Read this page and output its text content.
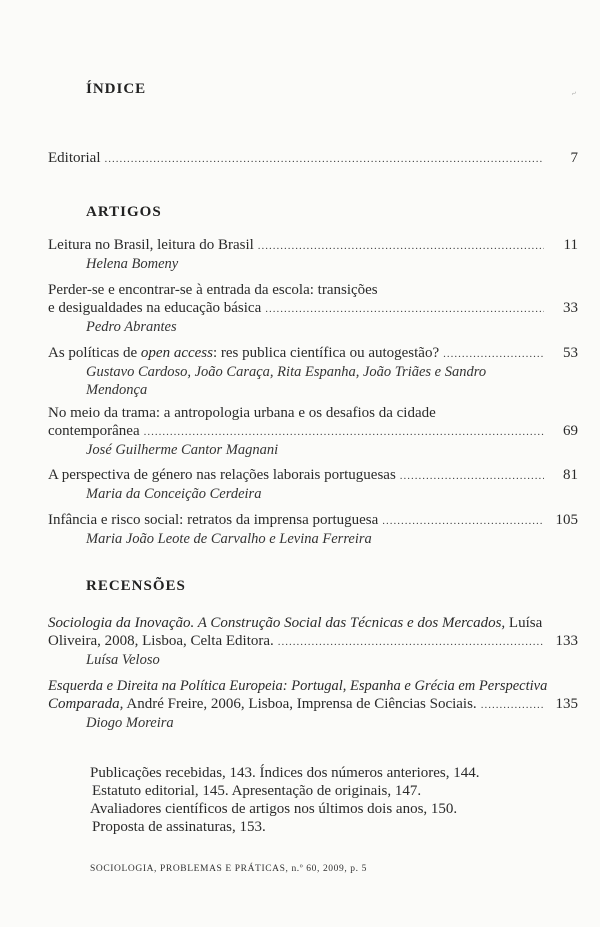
~
ÍNDICE
Editorial .....	7
ARTIGOS
Leitura no Brasil, leitura do Brasil .....	11
Helena Bomeny
Perder-se e encontrar-se à entrada da escola: transições
e desigualdades na educação básica .....	33
Pedro Abrantes
As políticas de open access: res publica científica ou autogestão? .....	53
Gustavo Cardoso, João Caraça, Rita Espanha, João Triães e Sandro
Mendonça
No meio da trama: a antropologia urbana e os desafios da cidade
contemporânea .....	69
José Guilherme Cantor Magnani
A perspectiva de género nas relações laborais portuguesas .....	81
Maria da Conceição Cerdeira
Infância e risco social: retratos da imprensa portuguesa .....	105
Maria João Leote de Carvalho e Levina Ferreira
RECENSÕES
Sociologia da Inovação. A Construção Social das Técnicas e dos Mercados, Luísa
Oliveira, 2008, Lisboa, Celta Editora. .....	133
Luísa Veloso
Esquerda e Direita na Política Europeia: Portugal, Espanha e Grécia em Perspectiva
Comparada, André Freire, 2006, Lisboa, Imprensa de Ciências Sociais. .....	135
Diogo Moreira
Publicações recebidas, 143. Índices dos números anteriores, 144.
Estatuto editorial, 145. Apresentação de originais, 147.
Avaliadores científicos de artigos nos últimos dois anos, 150.
Proposta de assinaturas, 153.
SOCIOLOGIA, PROBLEMAS E PRÁTICAS, n.º 60, 2009, p. 5
